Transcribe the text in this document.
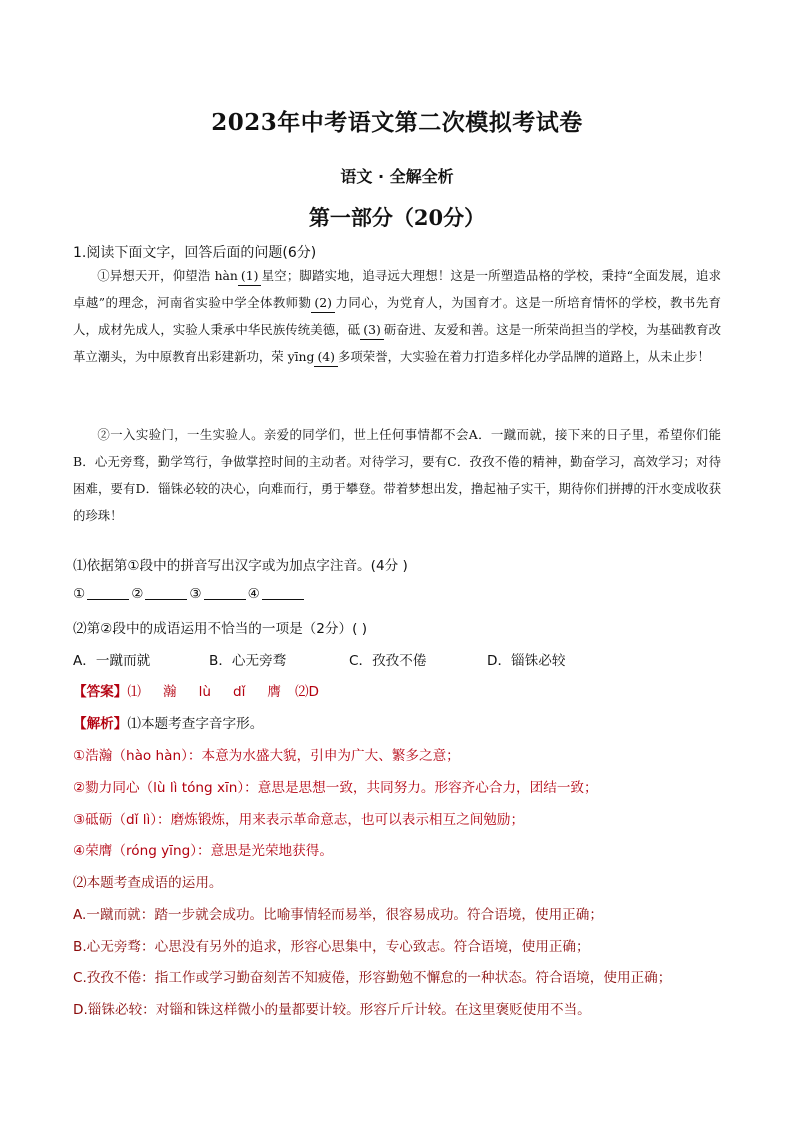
2023年中考语文第二次模拟考试卷
语文 · 全解全析
第一部分（20分）
1.阅读下面文字，回答后面的问题(6分)
①异想天开，仰望浩 hàn (1) 星空；脚踏实地，追寻远大理想！这是一所塑造品格的学校，秉持“全面发展，追求卓越”的理念，河南省实验中学全体教师勠 (2) 力同心，为党育人，为国育才。这是一所培育情怀的学校，教书先育人，成材先成人，实验人秉承中华民族传统美德，砥 (3) 砺奋进、友爱和善。这是一所荣尚担当的学校，为基础教育改革立潮头，为中原教育出彩建新功，荣 yīng (4) 多项荣誉，大实验在着力打造多样化办学品牌的道路上，从未止步！
②一入实验门，一生实验人。亲爱的同学们，世上任何事情都不会A．一蹴而就，接下来的日子里，希望你们能B．心无旁骛，勤学笃行，争做掌控时间的主动者。对待学习，要有C．孜孜不倦的精神，勤奋学习，高效学习；对待困难，要有D．锱铢必较的决心，向难而行，勇于攀登。带着梦想出发，撸起袖子实干，期待你们拼搏的汗水变成收获的珍珠！
⑴依据第①段中的拼音写出汉字或为加点字注音。(4分 )
①	②	③	④
⑵第②段中的成语运用不恰当的一项是（2分）( )
A．一蹴而就	B．心无旁骛	C．孜孜不倦	D．锱铢必较
【答案】⑴ 瀚 lù dǐ 膺 ⑵D
【解析】⑴本题考查字音字形。
①浩瀚（hào hàn）：本意为水盛大貌，引申为广大、繁多之意；
②勠力同心（lù lì tóng xīn）：意思是思想一致，共同努力。形容齐心合力，团结一致；
③砥砺（dǐ lì）：磨炼锻炼，用来表示革命意志，也可以表示相互之间勉励；
④荣膺（róng yīng）：意思是光荣地获得。
⑵本题考查成语的运用。
A.一蹴而就：踏一步就会成功。比喻事情轻而易举，很容易成功。符合语境，使用正确；
B.心无旁骛：心思没有另外的追求，形容心思集中，专心致志。符合语境，使用正确；
C.孜孜不倦：指工作或学习勤奋刻苦不知疲倦，形容勤勉不懈怠的一种状态。符合语境，使用正确；
D.锱铢必较：对锱和铢这样微小的量都要计较。形容斤斤计较。在这里褒贬使用不当。
